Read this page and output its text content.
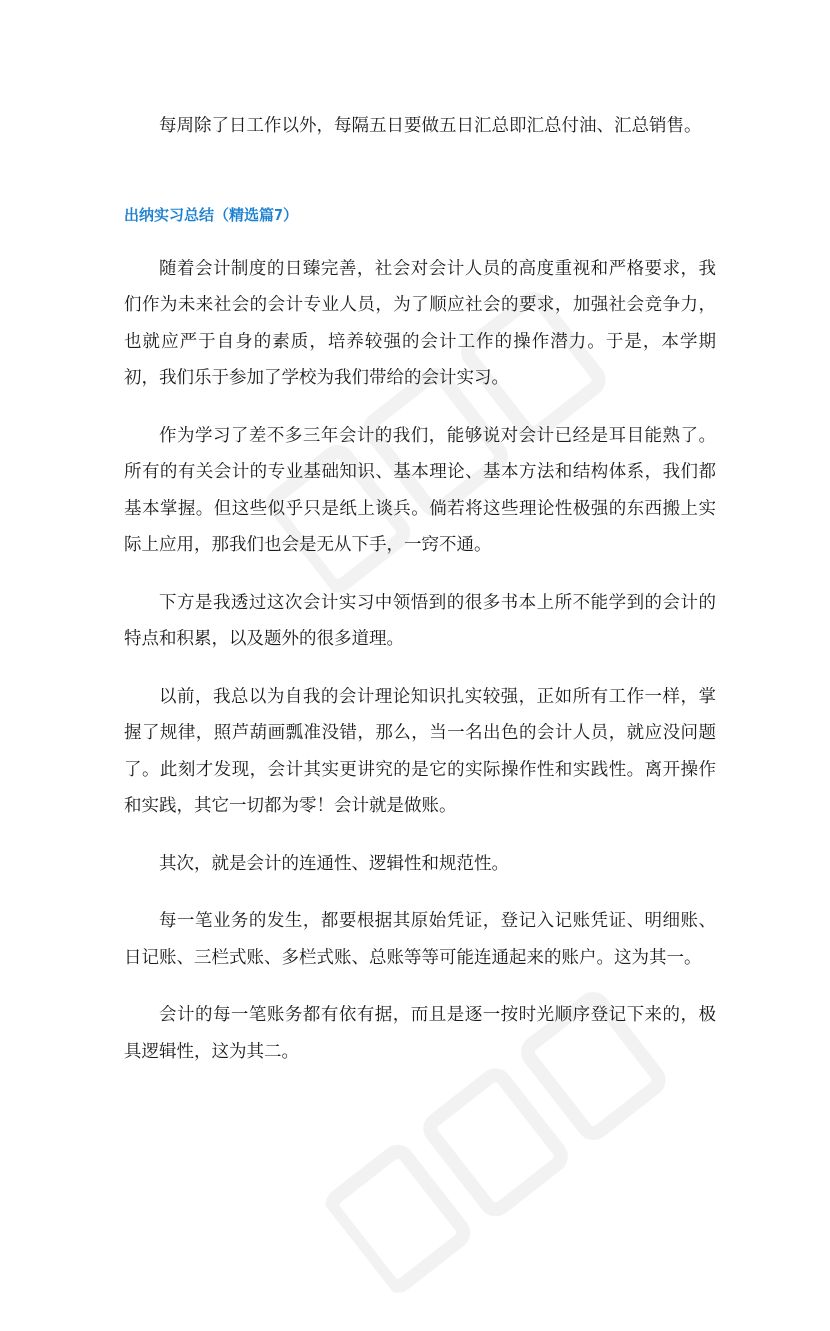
每周除了日工作以外，每隔五日要做五日汇总即汇总付油、汇总销售。

出纳实习总结（精选篇7）

随着会计制度的日臻完善，社会对会计人员的高度重视和严格要求，我们作为未来社会的会计专业人员，为了顺应社会的要求，加强社会竞争力，也就应严于自身的素质，培养较强的会计工作的操作潜力。于是，本学期初，我们乐于参加了学校为我们带给的会计实习。

作为学习了差不多三年会计的我们，能够说对会计已经是耳目能熟了。所有的有关会计的专业基础知识、基本理论、基本方法和结构体系，我们都基本掌握。但这些似乎只是纸上谈兵。倘若将这些理论性极强的东西搬上实际上应用，那我们也会是无从下手，一窍不通。

下方是我透过这次会计实习中领悟到的很多书本上所不能学到的会计的特点和积累，以及题外的很多道理。

以前，我总以为自我的会计理论知识扎实较强，正如所有工作一样，掌握了规律，照芦葫画瓢准没错，那么，当一名出色的会计人员，就应没问题了。此刻才发现，会计其实更讲究的是它的实际操作性和实践性。离开操作和实践，其它一切都为零！会计就是做账。

其次，就是会计的连通性、逻辑性和规范性。

每一笔业务的发生，都要根据其原始凭证，登记入记账凭证、明细账、日记账、三栏式账、多栏式账、总账等等可能连通起来的账户。这为其一。

会计的每一笔账务都有依有据，而且是逐一按时光顺序登记下来的，极具逻辑性，这为其二。
